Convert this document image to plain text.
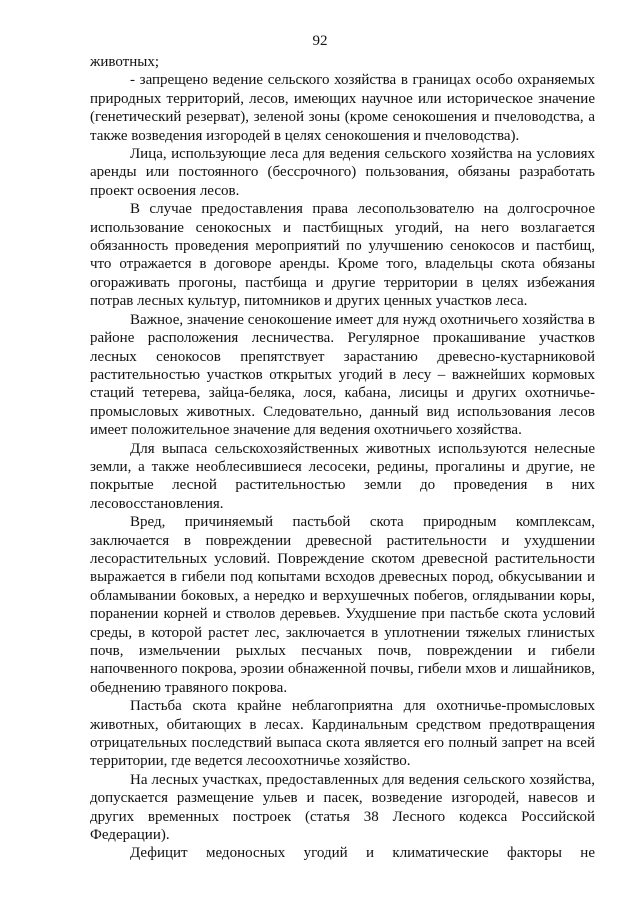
92

животных;

- запрещено ведение сельского хозяйства в границах особо охраняемых природных территорий, лесов, имеющих научное или историческое значение (генетический резерват), зеленой зоны (кроме сенокошения и пчеловодства, а также возведения изгородей в целях сенокошения и пчеловодства).

Лица, использующие леса для ведения сельского хозяйства на условиях аренды или постоянного (бессрочного) пользования, обязаны разработать проект освоения лесов.

В случае предоставления права лесопользователю на долгосрочное использование сенокосных и пастбищных угодий, на него возлагается обязанность проведения мероприятий по улучшению сенокосов и пастбищ, что отражается в договоре аренды. Кроме того, владельцы скота обязаны огораживать прогоны, пастбища и другие территории в целях избежания потрав лесных культур, питомников и других ценных участков леса.

Важное, значение сенокошение имеет для нужд охотничьего хозяйства в районе расположения лесничества. Регулярное прокашивание участков лесных сенокосов препятствует зарастанию древесно-кустарниковой растительностью участков открытых угодий в лесу – важнейших кормовых стаций тетерева, зайца-беляка, лося, кабана, лисицы и других охотничье-промысловых животных. Следовательно, данный вид использования лесов имеет положительное значение для ведения охотничьего хозяйства.

Для выпаса сельскохозяйственных животных используются нелесные земли, а также необлесившиеся лесосеки, редины, прогалины и другие, не покрытые лесной растительностью земли до проведения в них лесовосстановления.

Вред, причиняемый пастьбой скота природным комплексам, заключается в повреждении древесной растительности и ухудшении лесорастительных условий. Повреждение скотом древесной растительности выражается в гибели под копытами всходов древесных пород, обкусывании и обламывании боковых, а нередко и верхушечных побегов, оглядывании коры, поранении корней и стволов деревьев. Ухудшение при пастьбе скота условий среды, в которой растет лес, заключается в уплотнении тяжелых глинистых почв, измельчении рыхлых песчаных почв, повреждении и гибели напочвенного покрова, эрозии обнаженной почвы, гибели мхов и лишайников, обеднению травяного покрова.

Пастьба скота крайне неблагоприятна для охотничье-промысловых животных, обитающих в лесах. Кардинальным средством предотвращения отрицательных последствий выпаса скота является его полный запрет на всей территории, где ведется лесоохотничье хозяйство.

На лесных участках, предоставленных для ведения сельского хозяйства, допускается размещение ульев и пасек, возведение изгородей, навесов и других временных построек (статья 38 Лесного кодекса Российской Федерации).

Дефицит медоносных угодий и климатические факторы не
